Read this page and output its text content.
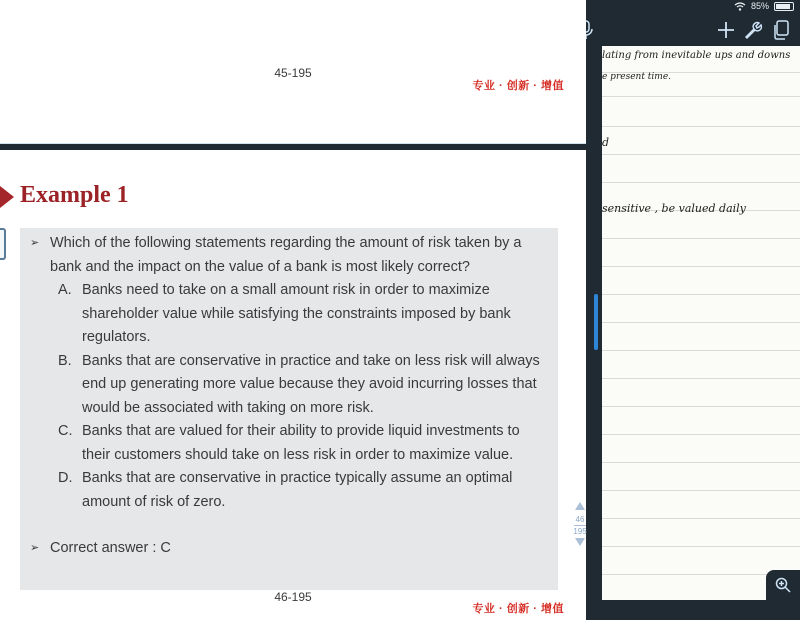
85%
45-195
专业 · 创新 · 增值
Example 1
➢ Which of the following statements regarding the amount of risk taken by a bank and the impact on the value of a bank is most likely correct?
A. Banks need to take on a small amount risk in order to maximize shareholder value while satisfying the constraints imposed by bank regulators.
B. Banks that are conservative in practice and take on less risk will always end up generating more value because they avoid incurring losses that would be associated with taking on more risk.
C. Banks that are valued for their ability to provide liquid investments to their customers should take on less risk in order to maximize value.
D. Banks that are conservative in practice typically assume an optimal amount of risk of zero.
➢ Correct answer : C
46-195
专业 · 创新 · 增值
46
195
lating from inevitable ups and downs
e present time.
d
sensitive , be valued daily
